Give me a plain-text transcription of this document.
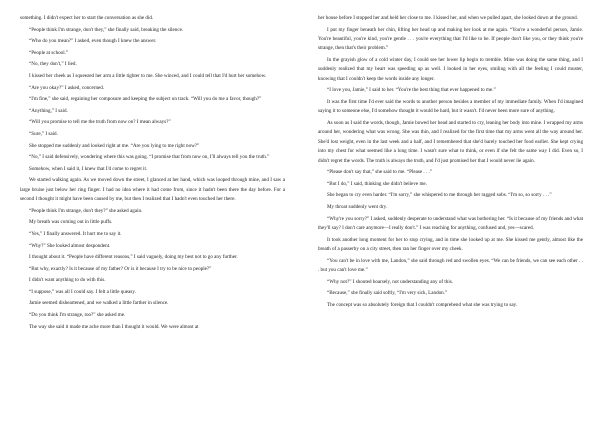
something. I didn't expect her to start the conversation as she did.

“People think I'm strange, don't they,” she finally said, breaking the silence.

“Who do you mean?” I asked, even though I knew the answer.

“People at school.”

“No, they don't,” I lied.

I kissed her cheek as I squeezed her arm a little tighter to me. She winced, and I could tell that I'd hurt her somehow.

“Are you okay?” I asked, concerned.

“I'm fine,” she said, regaining her composure and keeping the subject on track. “Will you do me a favor, though?”

“Anything,” I said.

“Will you promise to tell me the truth from now on? I mean always?”

“Sure,” I said.

She stopped me suddenly and looked right at me. “Are you lying to me right now?”

“No,” I said defensively, wondering where this was going. “I promise that from now on, I'll always tell you the truth.”

Somehow, when I said it, I knew that I'd come to regret it.

We started walking again. As we moved down the street, I glanced at her hand, which was looped through mine, and I saw a large bruise just below her ring finger. I had no idea where it had come from, since it hadn't been there the day before. For a second I thought it might have been caused by me, but then I realized that I hadn't even touched her there.

“People think I'm strange, don't they?” she asked again.

My breath was coming out in little puffs.

“Yes,” I finally answered. It hurt me to say it.

“Why?” She looked almost despondent.

I thought about it. “People have different reasons,” I said vaguely, doing my best not to go any further.

“But why, exactly? Is it because of my father? Or is it because I try to be nice to people?”

I didn't want anything to do with this.

“I suppose,” was all I could say. I felt a little queasy.

Jamie seemed disheartened, and we walked a little farther in silence.

“Do you think I'm strange, too?” she asked me.

The way she said it made me ache more than I thought it would. We were almost at

her house before I stopped her and held her close to me. I kissed her, and when we pulled apart, she looked down at the ground.

I put my finger beneath her chin, lifting her head up and making her look at me again. “You're a wonderful person, Jamie. You're beautiful, you're kind, you're gentle . . . you're everything that I'd like to be. If people don't like you, or they think you're strange, then that's their problem.”

In the grayish glow of a cold winter day, I could see her lower lip begin to tremble. Mine was doing the same thing, and I suddenly realized that my heart was speeding up as well. I looked in her eyes, smiling with all the feeling I could muster, knowing that I couldn't keep the words inside any longer.

“I love you, Jamie,” I said to her. “You're the best thing that ever happened to me.”

It was the first time I'd ever said the words to another person besides a member of my immediate family. When I'd imagined saying it to someone else, I'd somehow thought it would be hard, but it wasn't. I'd never been more sure of anything.

As soon as I said the words, though, Jamie bowed her head and started to cry, leaning her body into mine. I wrapped my arms around her, wondering what was wrong. She was thin, and I realized for the first time that my arms went all the way around her. She'd lost weight, even in the last week and a half, and I remembered that she'd barely touched her food earlier. She kept crying into my chest for what seemed like a long time. I wasn't sure what to think, or even if she felt the same way I did. Even so, I didn't regret the words. The truth is always the truth, and I'd just promised her that I would never lie again.

“Please don't say that,” she said to me. “Please . . .”

“But I do,” I said, thinking she didn't believe me.

She began to cry even harder. “I'm sorry,” she whispered to me through her ragged sobs. “I'm so, so sorry . . .”

My throat suddenly went dry.

“Why're you sorry?” I asked, suddenly desperate to understand what was bothering her. “Is it because of my friends and what they'll say? I don't care anymore—I really don't.” I was reaching for anything, confused and, yes—scared.

It took another long moment for her to stop crying, and in time she looked up at me. She kissed me gently, almost like the breath of a passerby on a city street, then ran her finger over my cheek.

“You can't be in love with me, Landon,” she said through red and swollen eyes. “We can be friends, we can see each other . . . but you can't love me.”

“Why not?” I shouted hoarsely, not understanding any of this.

“Because,” she finally said softly, “I'm very sick, Landon.”

The concept was so absolutely foreign that I couldn't comprehend what she was trying to say.
